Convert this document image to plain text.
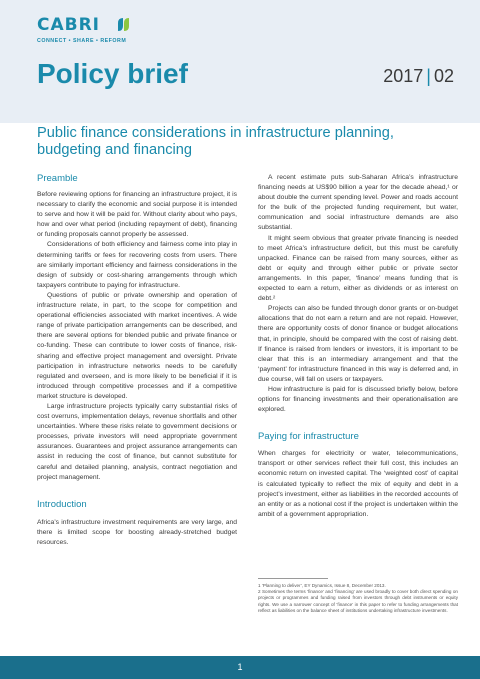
CABRI
CONNECT • SHARE • REFORM
Policy brief	2017 | 02
Public finance considerations in infrastructure planning, budgeting and financing
Preamble

Before reviewing options for financing an infrastructure project, it is necessary to clarify the economic and social purpose it is intended to serve and how it will be paid for. Without clarity about who pays, how and over what period (including repayment of debt), financing or funding proposals cannot properly be assessed.

Considerations of both efficiency and fairness come into play in determining tariffs or fees for recovering costs from users. There are similarly important efficiency and fairness considerations in the design of subsidy or cost-sharing arrangements through which taxpayers contribute to paying for infrastructure.

Questions of public or private ownership and operation of infrastructure relate, in part, to the scope for competition and operational efficiencies associated with market incentives. A wide range of private participation arrangements can be described, and there are several options for blended public and private finance or co-funding. These can contribute to lower costs of finance, risk-sharing and effective project management and oversight. Private participation in infrastructure networks needs to be carefully regulated and overseen, and is more likely to be beneficial if it is introduced through competitive processes and if a competitive market structure is developed.

Large infrastructure projects typically carry substantial risks of cost overruns, implementation delays, revenue shortfalls and other uncertainties. Where these risks relate to government decisions or processes, private investors will need appropriate government assurances. Guarantees and project assurance arrangements can assist in reducing the cost of finance, but cannot substitute for careful and detailed planning, analysis, contract negotiation and project management.

Introduction

Africa’s infrastructure investment requirements are very large, and there is limited scope for boosting already-stretched budget resources.

A recent estimate puts sub-Saharan Africa’s infrastructure financing needs at US$90 billion a year for the decade ahead,¹ or about double the current spending level. Power and roads account for the bulk of the projected funding requirement, but water, communication and social infrastructure demands are also substantial.

It might seem obvious that greater private financing is needed to meet Africa’s infrastructure deficit, but this must be carefully unpacked. Finance can be raised from many sources, either as debt or equity and through either public or private sector arrangements. In this paper, ‘finance’ means funding that is expected to earn a return, either as dividends or as interest on debt.²

Projects can also be funded through donor grants or on-budget allocations that do not earn a return and are not repaid. However, there are opportunity costs of donor finance or budget allocations that, in principle, should be compared with the cost of raising debt. If finance is raised from lenders or investors, it is important to be clear that this is an intermediary arrangement and that the ‘payment’ for infrastructure financed in this way is deferred and, in due course, will fall on users or taxpayers.

How infrastructure is paid for is discussed briefly below, before options for financing investments and their operationalisation are explored.

Paying for infrastructure

When charges for electricity or water, telecommunications, transport or other services reflect their full cost, this includes an economic return on invested capital. The ‘weighted cost’ of capital is calculated typically to reflect the mix of equity and debt in a project’s investment, either as liabilities in the recorded accounts of an entity or as a notional cost if the project is undertaken within the ambit of a government appropriation.

1 ‘Planning to deliver’, EY Dynamics, Issue 8, December 2013.

2 Sometimes the terms ‘finance’ and ‘financing’ are used broadly to cover both direct spending on projects or programmes and funding raised from investors through debt instruments or equity rights. We use a narrower concept of ‘finance’ in this paper to refer to funding arrangements that reflect as liabilities on the balance sheet of institutions undertaking infrastructure investments.

1
